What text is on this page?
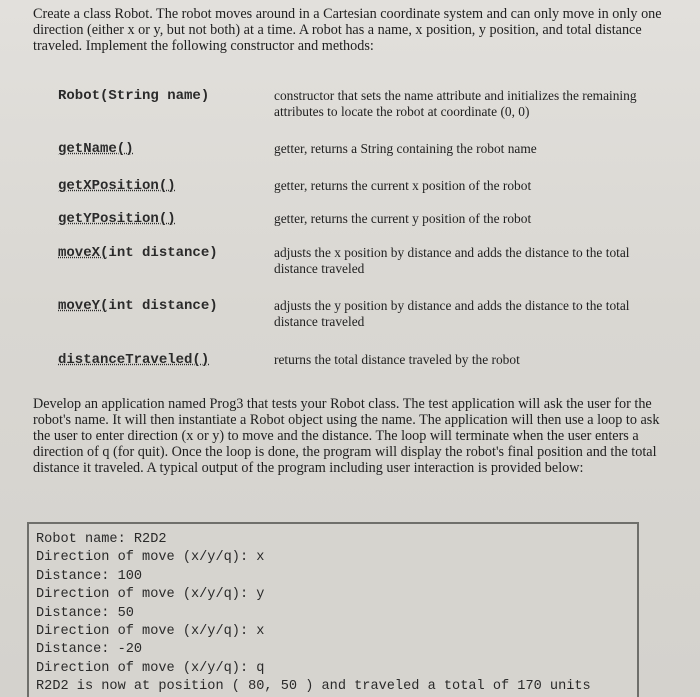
Create a class Robot. The robot moves around in a Cartesian coordinate system and can only move in only one direction (either x or y, but not both) at a time. A robot has a name, x position, y position, and total distance traveled. Implement the following constructor and methods:

Robot(String name)	constructor that sets the name attribute and initializes the remaining attributes to locate the robot at coordinate (0, 0)
getName()	getter, returns a String containing the robot name
getXPosition()	getter, returns the current x position of the robot
getYPosition()	getter, returns the current y position of the robot
moveX(int distance)	adjusts the x position by distance and adds the distance to the total distance traveled
moveY(int distance)	adjusts the y position by distance and adds the distance to the total distance traveled
distanceTraveled()	returns the total distance traveled by the robot

Develop an application named Prog3 that tests your Robot class. The test application will ask the user for the robot's name. It will then instantiate a Robot object using the name. The application will then use a loop to ask the user to enter direction (x or y) to move and the distance. The loop will terminate when the user enters a direction of q (for quit). Once the loop is done, the program will display the robot's final position and the total distance it traveled. A typical output of the program including user interaction is provided below:

Robot name: R2D2
Direction of move (x/y/q): x
Distance: 100
Direction of move (x/y/q): y
Distance: 50
Direction of move (x/y/q): x
Distance: -20
Direction of move (x/y/q): q
R2D2 is now at position ( 80, 50 ) and traveled a total of 170 units
